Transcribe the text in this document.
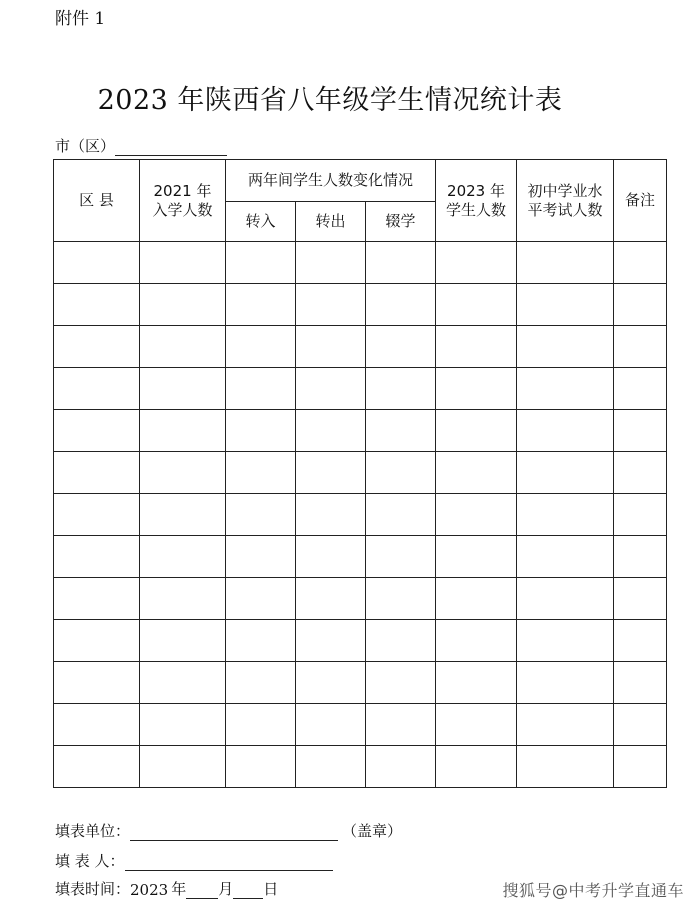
附件 1
2023 年陕西省八年级学生情况统计表
市（区）
区 县	2021 年入学人数	两年间学生人数变化情况			2023 年学生人数	初中学业水平考试人数	备注
		转入	转出	辍学			

填表单位：	（盖章）
填 表 人：
填表时间： 2023 年 月 日	搜狐号@中考升学直通车
